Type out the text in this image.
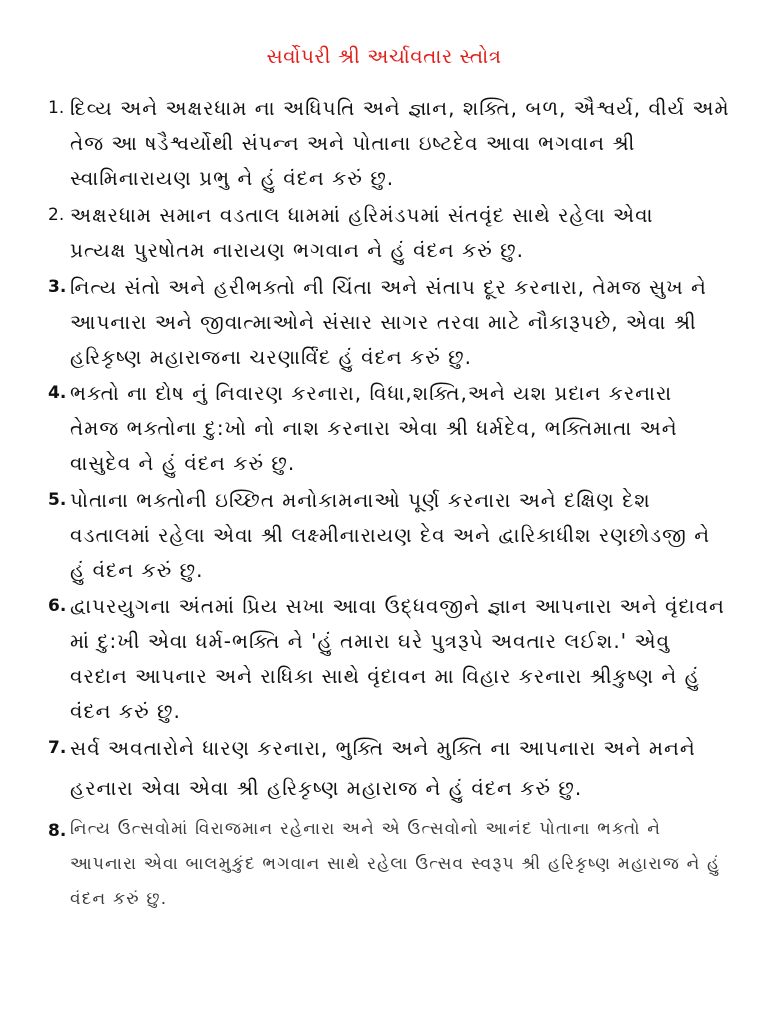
સર્વોપરી શ્રી અર્ચાવતાર સ્તોત્ર
1. દિવ્ય અને અક્ષરધામ ના અધિપતિ અને જ્ઞાન, શક્તિ, બળ, ઐશ્વર્ય, વીર્ય અમે
તેજ આ ષડૈશ્વર્યોથી સંપન્ન અને પોતાના ઇષ્ટદેવ આવા ભગવાન શ્રી
સ્વામિનારાયણ પ્રભુ ને હું વંદન કરું છુ.
2. અક્ષરધામ સમાન વડતાલ ધામમાં હરિમંડપમાં સંતવૃંદ સાથે રહેલા એવા
પ્રત્યક્ષ પુરષોતમ નારાયણ ભગવાન ને હું વંદન કરું છુ.
3. નિત્ય સંતો અને હરીભક્તો ની ચિંતા અને સંતાપ દૂર કરનારા, તેમજ સુખ ને
આપનારા અને જીવાત્માઓને સંસાર સાગર તરવા માટે નૌકારૂપછે, એવા શ્રી
હરિકૃષ્ણ મહારાજના ચરણાર્વિંદ હું વંદન કરું છુ.
4. ભક્તો ના દોષ નું નિવારણ કરનારા, વિધા,શક્તિ,અને યશ પ્રદાન કરનારા
તેમજ ભક્તોના દુ:ખો નો નાશ કરનારા એવા શ્રી ધર્મદેવ, ભક્તિમાતા અને
વાસુદેવ ને હું વંદન કરું છુ.
5. પોતાના ભક્તોની ઇચ્છિત મનોકામનાઓ પૂર્ણ કરનારા અને દક્ષિણ દેશ
વડતાલમાં રહેલા એવા શ્રી લક્ષ્મીનારાયણ દેવ અને દ્વારિકાધીશ રણછોડજી ને
હું વંદન કરું છુ.
6. દ્વાપરયુગના અંતમાં પ્રિય સખા આવા ઉદ્ધવજીને જ્ઞાન આપનારા અને વૃંદાવન
માં દુ:ખી એવા ધર્મ-ભક્તિ ને 'હું તમારા ઘરે પુત્રરૂપે અવતાર લઈશ.' એવુ
વરદાન આપનાર અને રાધિકા સાથે વૃંદાવન મા વિહાર કરનારા શ્રીકુષ્ણ ને હું
વંદન કરું છુ.
7. સર્વ અવતારોને ધારણ કરનારા, ભુક્તિ અને મુક્તિ ના આપનારા અને મનને
હરનારા એવા એવા શ્રી હરિકૃષ્ણ મહારાજ ને હું વંદન કરું છુ.
8. નિત્ય ઉત્સવોમાં વિરાજમાન રહેનારા અને એ ઉત્સવોનો આનંદ પોતાના ભક્તો ને
આપનારા એવા બાલમુકુંદ ભગવાન સાથે રહેલા ઉત્સવ સ્વરૂપ શ્રી હરિકૃષ્ણ મહારાજ ને હું
વંદન કરું છુ.
